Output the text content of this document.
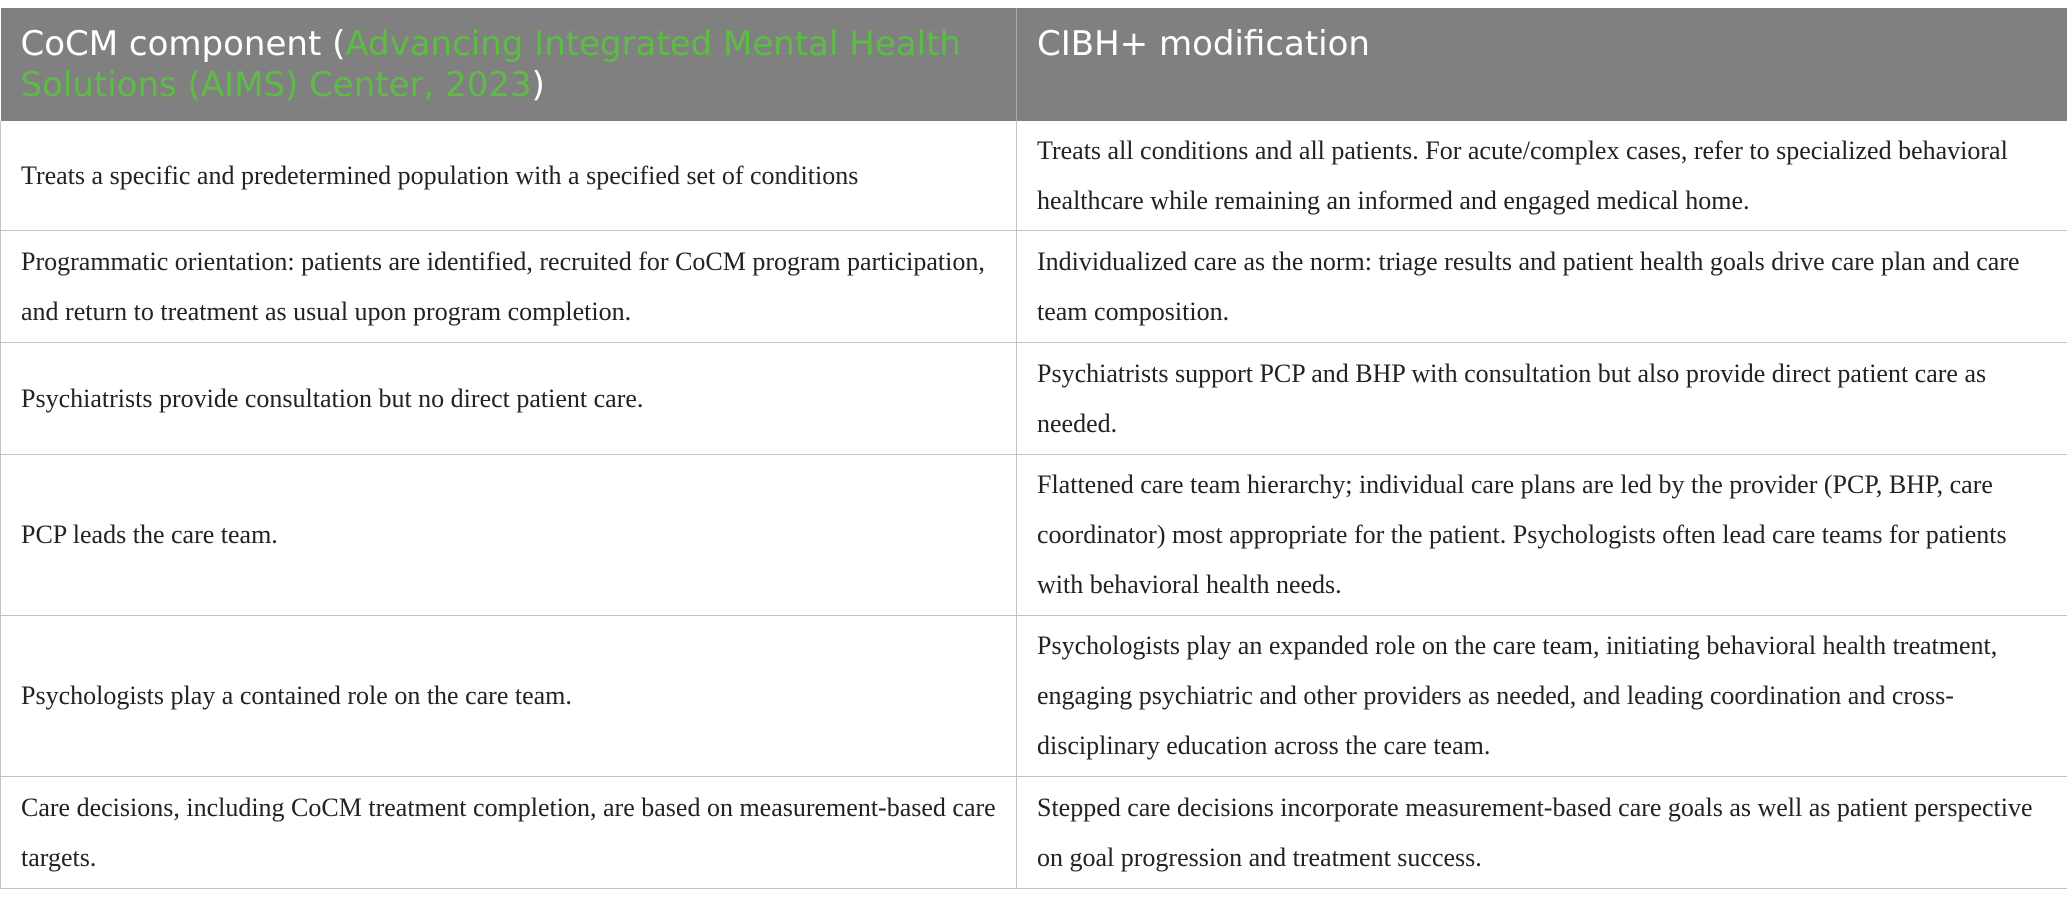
CoCM component (Advancing Integrated Mental Health Solutions (AIMS) Center, 2023)	CIBH+ modification
Treats a specific and predetermined population with a specified set of conditions	Treats all conditions and all patients. For acute/complex cases, refer to specialized behavioral healthcare while remaining an informed and engaged medical home.
Programmatic orientation: patients are identified, recruited for CoCM program participation, and return to treatment as usual upon program completion.	Individualized care as the norm: triage results and patient health goals drive care plan and care team composition.
Psychiatrists provide consultation but no direct patient care.	Psychiatrists support PCP and BHP with consultation but also provide direct patient care as needed.
PCP leads the care team.	Flattened care team hierarchy; individual care plans are led by the provider (PCP, BHP, care coordinator) most appropriate for the patient. Psychologists often lead care teams for patients with behavioral health needs.
Psychologists play a contained role on the care team.	Psychologists play an expanded role on the care team, initiating behavioral health treatment, engaging psychiatric and other providers as needed, and leading coordination and cross-disciplinary education across the care team.
Care decisions, including CoCM treatment completion, are based on measurement-based care targets.	Stepped care decisions incorporate measurement-based care goals as well as patient perspective on goal progression and treatment success.
